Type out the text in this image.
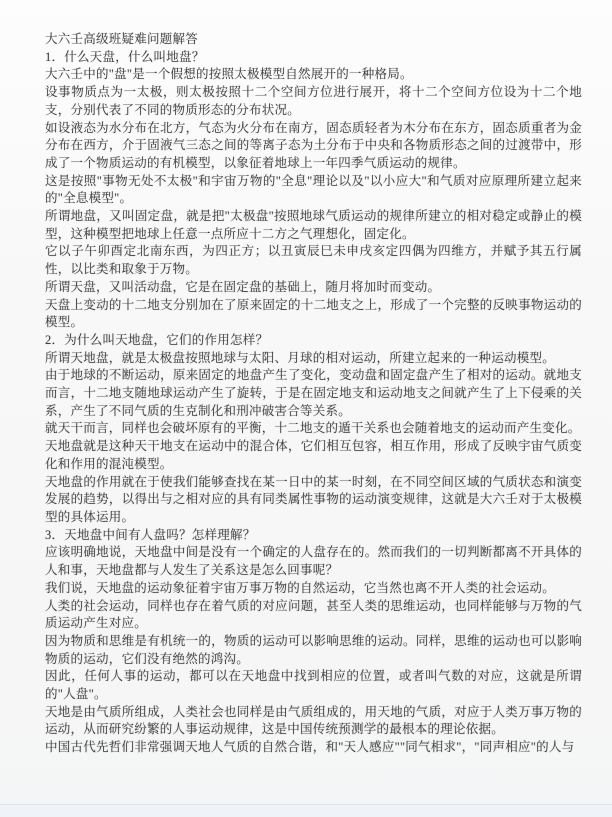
大六壬高级班疑难问题解答

1．什么天盘，什么叫地盘？

大六壬中的"盘"是一个假想的按照太极模型自然展开的一种格局。

设事物质点为一太极，则太极按照十二个空间方位进行展开，将十二个空间方位设为十二个地支，分别代表了不同的物质形态的分布状况。

如设液态为水分布在北方，气态为火分布在南方，固态质轻者为木分布在东方，固态质重者为金分布在西方，介于固液气三态之间的等离子态为土分布于中央和各物质形态之间的过渡带中，形成了一个物质运动的有机模型，以象征着地球上一年四季气质运动的规律。

这是按照"事物无处不太极"和宇宙万物的"全息"理论以及"以小应大"和气质对应原理所建立起来的"全息模型"。

所谓地盘，又叫固定盘，就是把"太极盘"按照地球气质运动的规律所建立的相对稳定或静止的模型，这种模型把地球上任意一点所应十二方之气理想化，固定化。

它以子午卯酉定北南东西，为四正方；以丑寅辰巳未申戌亥定四偶为四维方，并赋予其五行属性，以比类和取象于万物。

所谓天盘，又叫活动盘，它是在固定盘的基础上，随月将加时而变动。

天盘上变动的十二地支分别加在了原来固定的十二地支之上，形成了一个完整的反映事物运动的模型。

2．为什么叫天地盘，它们的作用怎样？

所谓天地盘，就是太极盘按照地球与太阳、月球的相对运动，所建立起来的一种运动模型。

由于地球的不断运动，原来固定的地盘产生了变化，变动盘和固定盘产生了相对的运动。就地支而言，十二地支随地球运动产生了旋转，于是在固定地支和运动地支之间就产生了上下侵乘的关系，产生了不同气质的生克制化和刑冲破害合等关系。

就天干而言，同样也会破坏原有的平衡，十二地支的遁干关系也会随着地支的运动而产生变化。

天地盘就是这种天干地支在运动中的混合体，它们相互包容，相互作用，形成了反映宇宙气质变化和作用的混沌模型。

天地盘的作用就在于使我们能够查找在某一日中的某一时刻，在不同空间区域的气质状态和演变发展的趋势，以得出与之相对应的具有同类属性事物的运动演变规律，这就是大六壬对于太极模型的具体运用。

3．天地盘中间有人盘吗？怎样理解？

应该明确地说，天地盘中间是没有一个确定的人盘存在的。然而我们的一切判断都离不开具体的人和事，天地盘都与人发生了关系这是怎么回事呢？

我们说，天地盘的运动象征着宇宙万事万物的自然运动，它当然也离不开人类的社会运动。

人类的社会运动，同样也存在着气质的对应问题，甚至人类的思维运动，也同样能够与万物的气质运动产生对应。

因为物质和思维是有机统一的，物质的运动可以影响思维的运动。同样，思维的运动也可以影响物质的运动，它们没有绝然的鸿沟。

因此，任何人事的运动，都可以在天地盘中找到相应的位置，或者叫气数的对应，这就是所谓的"人盘"。

天地是由气质所组成，人类社会也同样是由气质组成的，用天地的气质，对应于人类万事万物的运动，从而研究纷繁的人事运动规律，这是中国传统预测学的最根本的理论依据。

中国古代先哲们非常强调天地人气质的自然合谐，和"天人感应""同气相求"，"同声相应"的人与
